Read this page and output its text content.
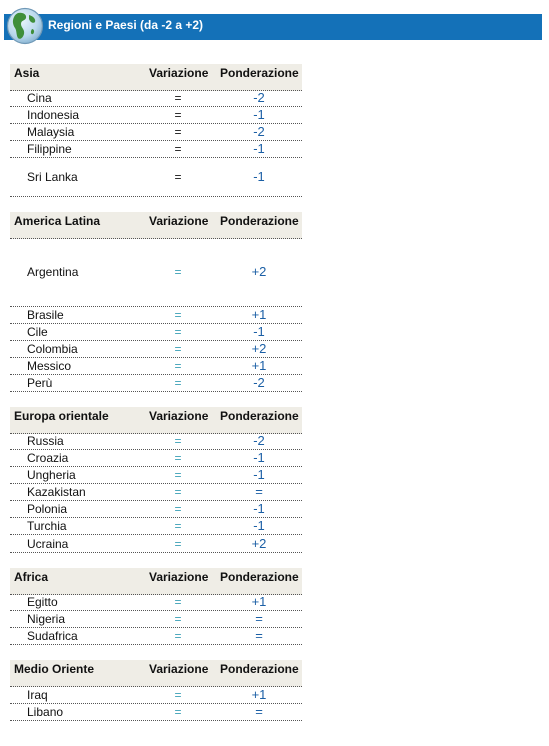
Regioni e Paesi (da -2 a +2)
Asia	Variazione Ponderazione
Cina	=	-2
Indonesia	=	-1
Malaysia	=	-2
Filippine	=	-1
Sri Lanka	=	-1
America Latina	Variazione Ponderazione
Argentina	=	+2
Brasile	=	+1
Cile	=	-1
Colombia	=	+2
Messico	=	+1
Perù	=	-2
Europa orientale	Variazione Ponderazione
Russia	=	-2
Croazia	=	-1
Ungheria	=	-1
Kazakistan	=	=
Polonia	=	-1
Turchia	=	-1
Ucraina	=	+2
Africa	Variazione Ponderazione
Egitto	=	+1
Nigeria	=	=
Sudafrica	=	=
Medio Oriente	Variazione Ponderazione
Iraq	=	+1
Libano	=	=
